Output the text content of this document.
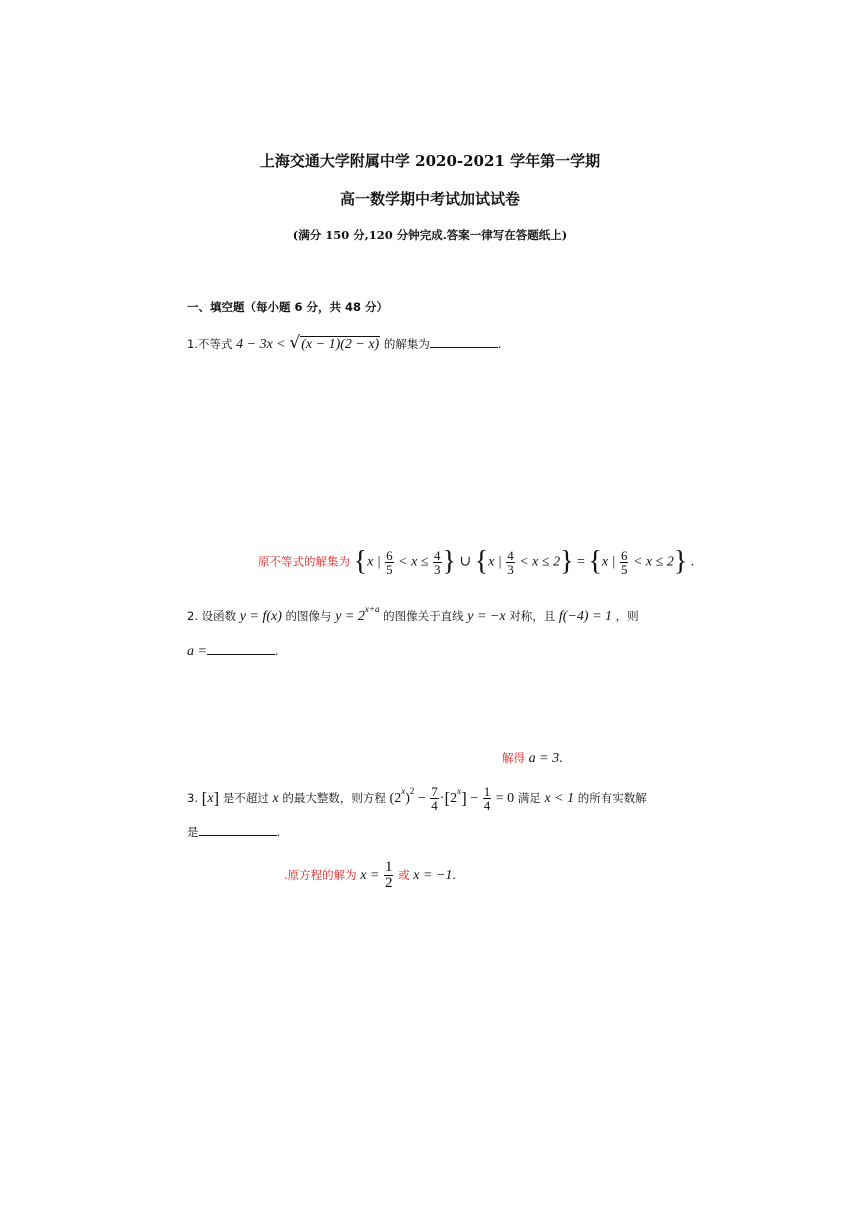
上海交通大学附属中学 2020-2021 学年第一学期
高一数学期中考试加试试卷
(满分 150 分,120 分钟完成.答案一律写在答题纸上)
一、填空题（每小题 6 分，共 48 分）
1.不等式 4 − 3x < √(x − 1)(2 − x) 的解集为	.
原不等式的解集为 {x | $\frac{6}{5} < x \le \frac{4}{3}$ } ∪ {x | $\frac{4}{3} < x \le 2\} = \{x$ | $\frac{6}{5} < x \le 2$} .
2. 设函数 y = f(x) 的图像与 $y = 2^{x+a}$ 的图像关于直线 y = −x 对称，且 f(−4) = 1 ，则
a =	.
解得 a = 3.
3. [x] 是不超过 x 的最大整数，则方程 $(2^x)^2 - \frac{7}{4} \cdot[2^x] - \frac{1}{4} = 0$ 满足 x < 1 的所有实数解
是	.
.原方程的解为 $x = \frac{1}{2}$ 或 x = −1.
